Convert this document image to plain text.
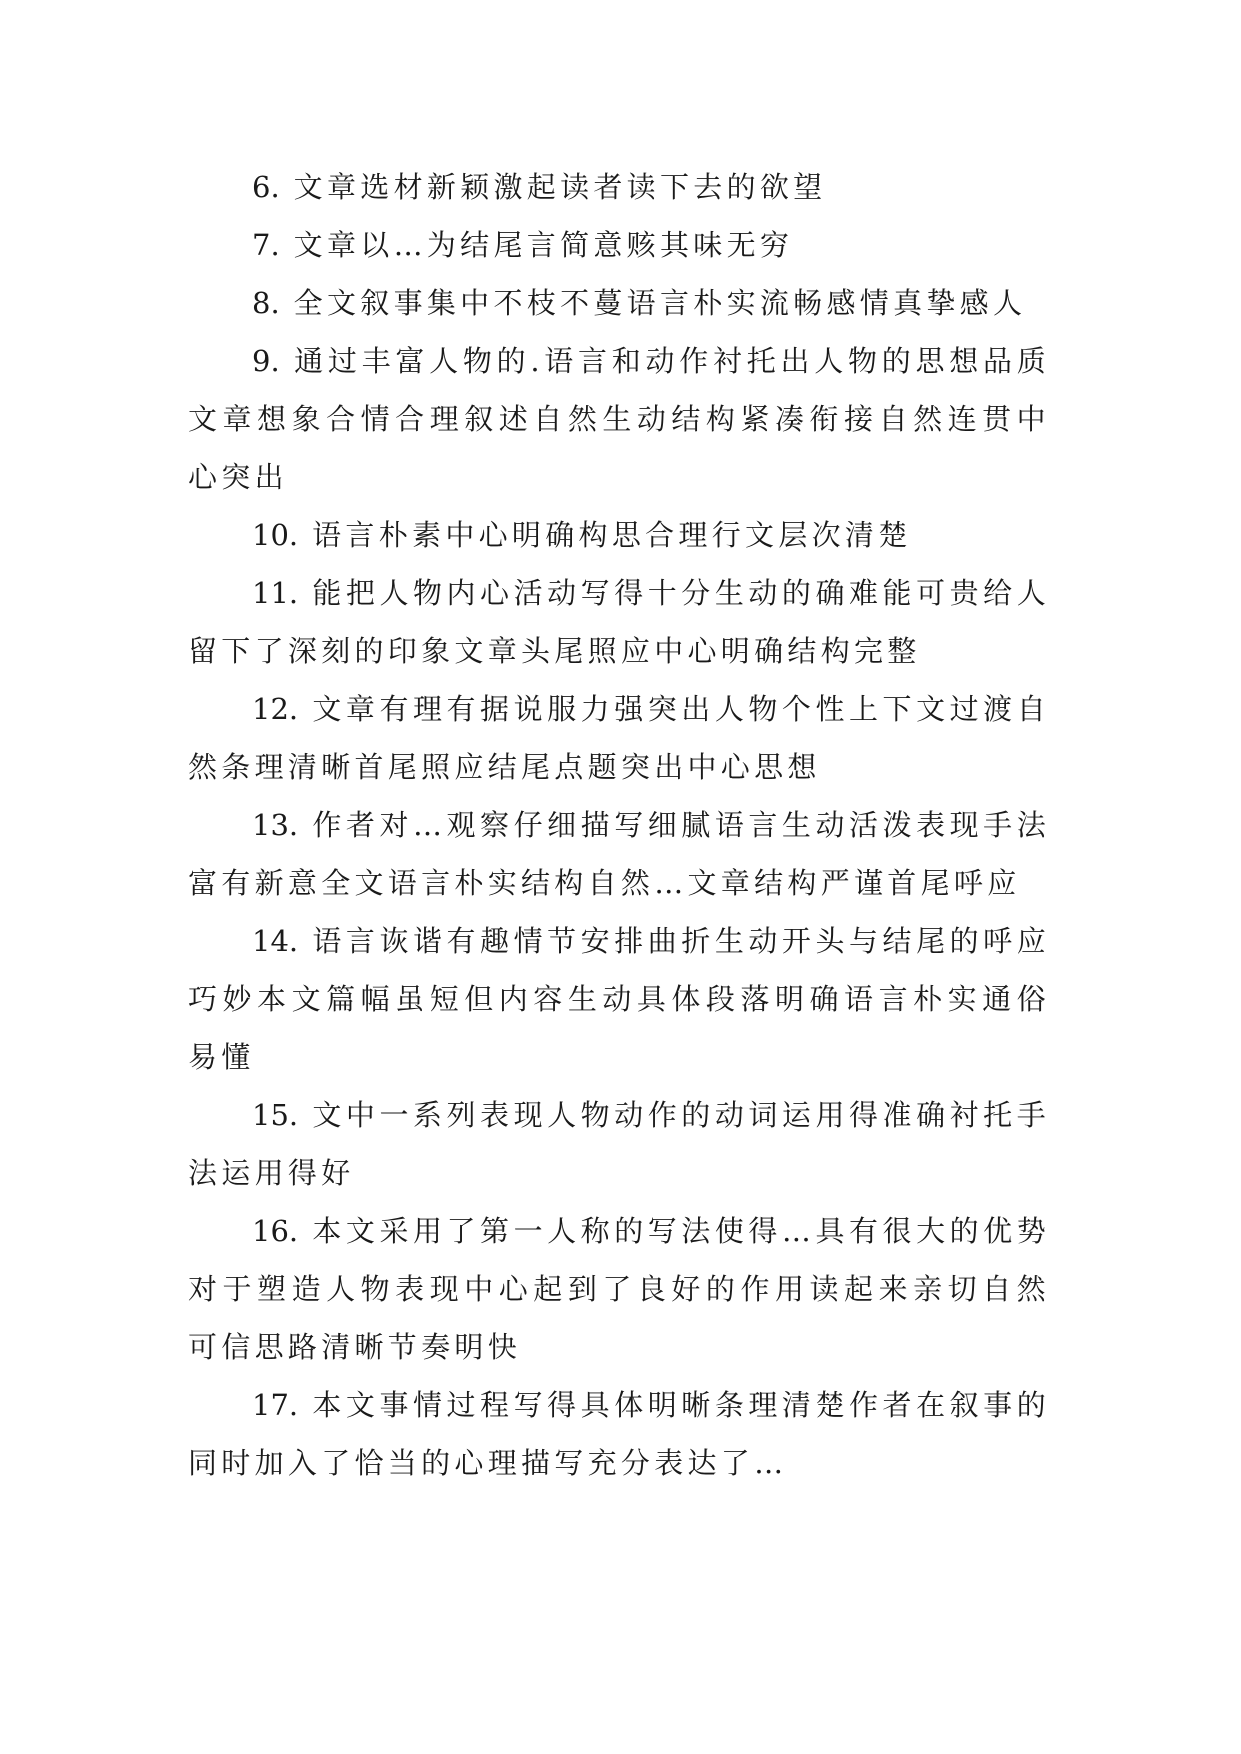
6. 文章选材新颖激起读者读下去的欲望

7. 文章以…为结尾言简意赅其味无穷

8. 全文叙事集中不枝不蔓语言朴实流畅感情真挚感人

9. 通过丰富人物的.语言和动作衬托出人物的思想品质文章想象合情合理叙述自然生动结构紧凑衔接自然连贯中心突出

10. 语言朴素中心明确构思合理行文层次清楚

11. 能把人物内心活动写得十分生动的确难能可贵给人留下了深刻的印象文章头尾照应中心明确结构完整

12. 文章有理有据说服力强突出人物个性上下文过渡自然条理清晰首尾照应结尾点题突出中心思想

13. 作者对…观察仔细描写细腻语言生动活泼表现手法富有新意全文语言朴实结构自然…文章结构严谨首尾呼应

14. 语言诙谐有趣情节安排曲折生动开头与结尾的呼应巧妙本文篇幅虽短但内容生动具体段落明确语言朴实通俗易懂

15. 文中一系列表现人物动作的动词运用得准确衬托手法运用得好

16. 本文采用了第一人称的写法使得…具有很大的优势对于塑造人物表现中心起到了良好的作用读起来亲切自然可信思路清晰节奏明快

17. 本文事情过程写得具体明晰条理清楚作者在叙事的同时加入了恰当的心理描写充分表达了…
